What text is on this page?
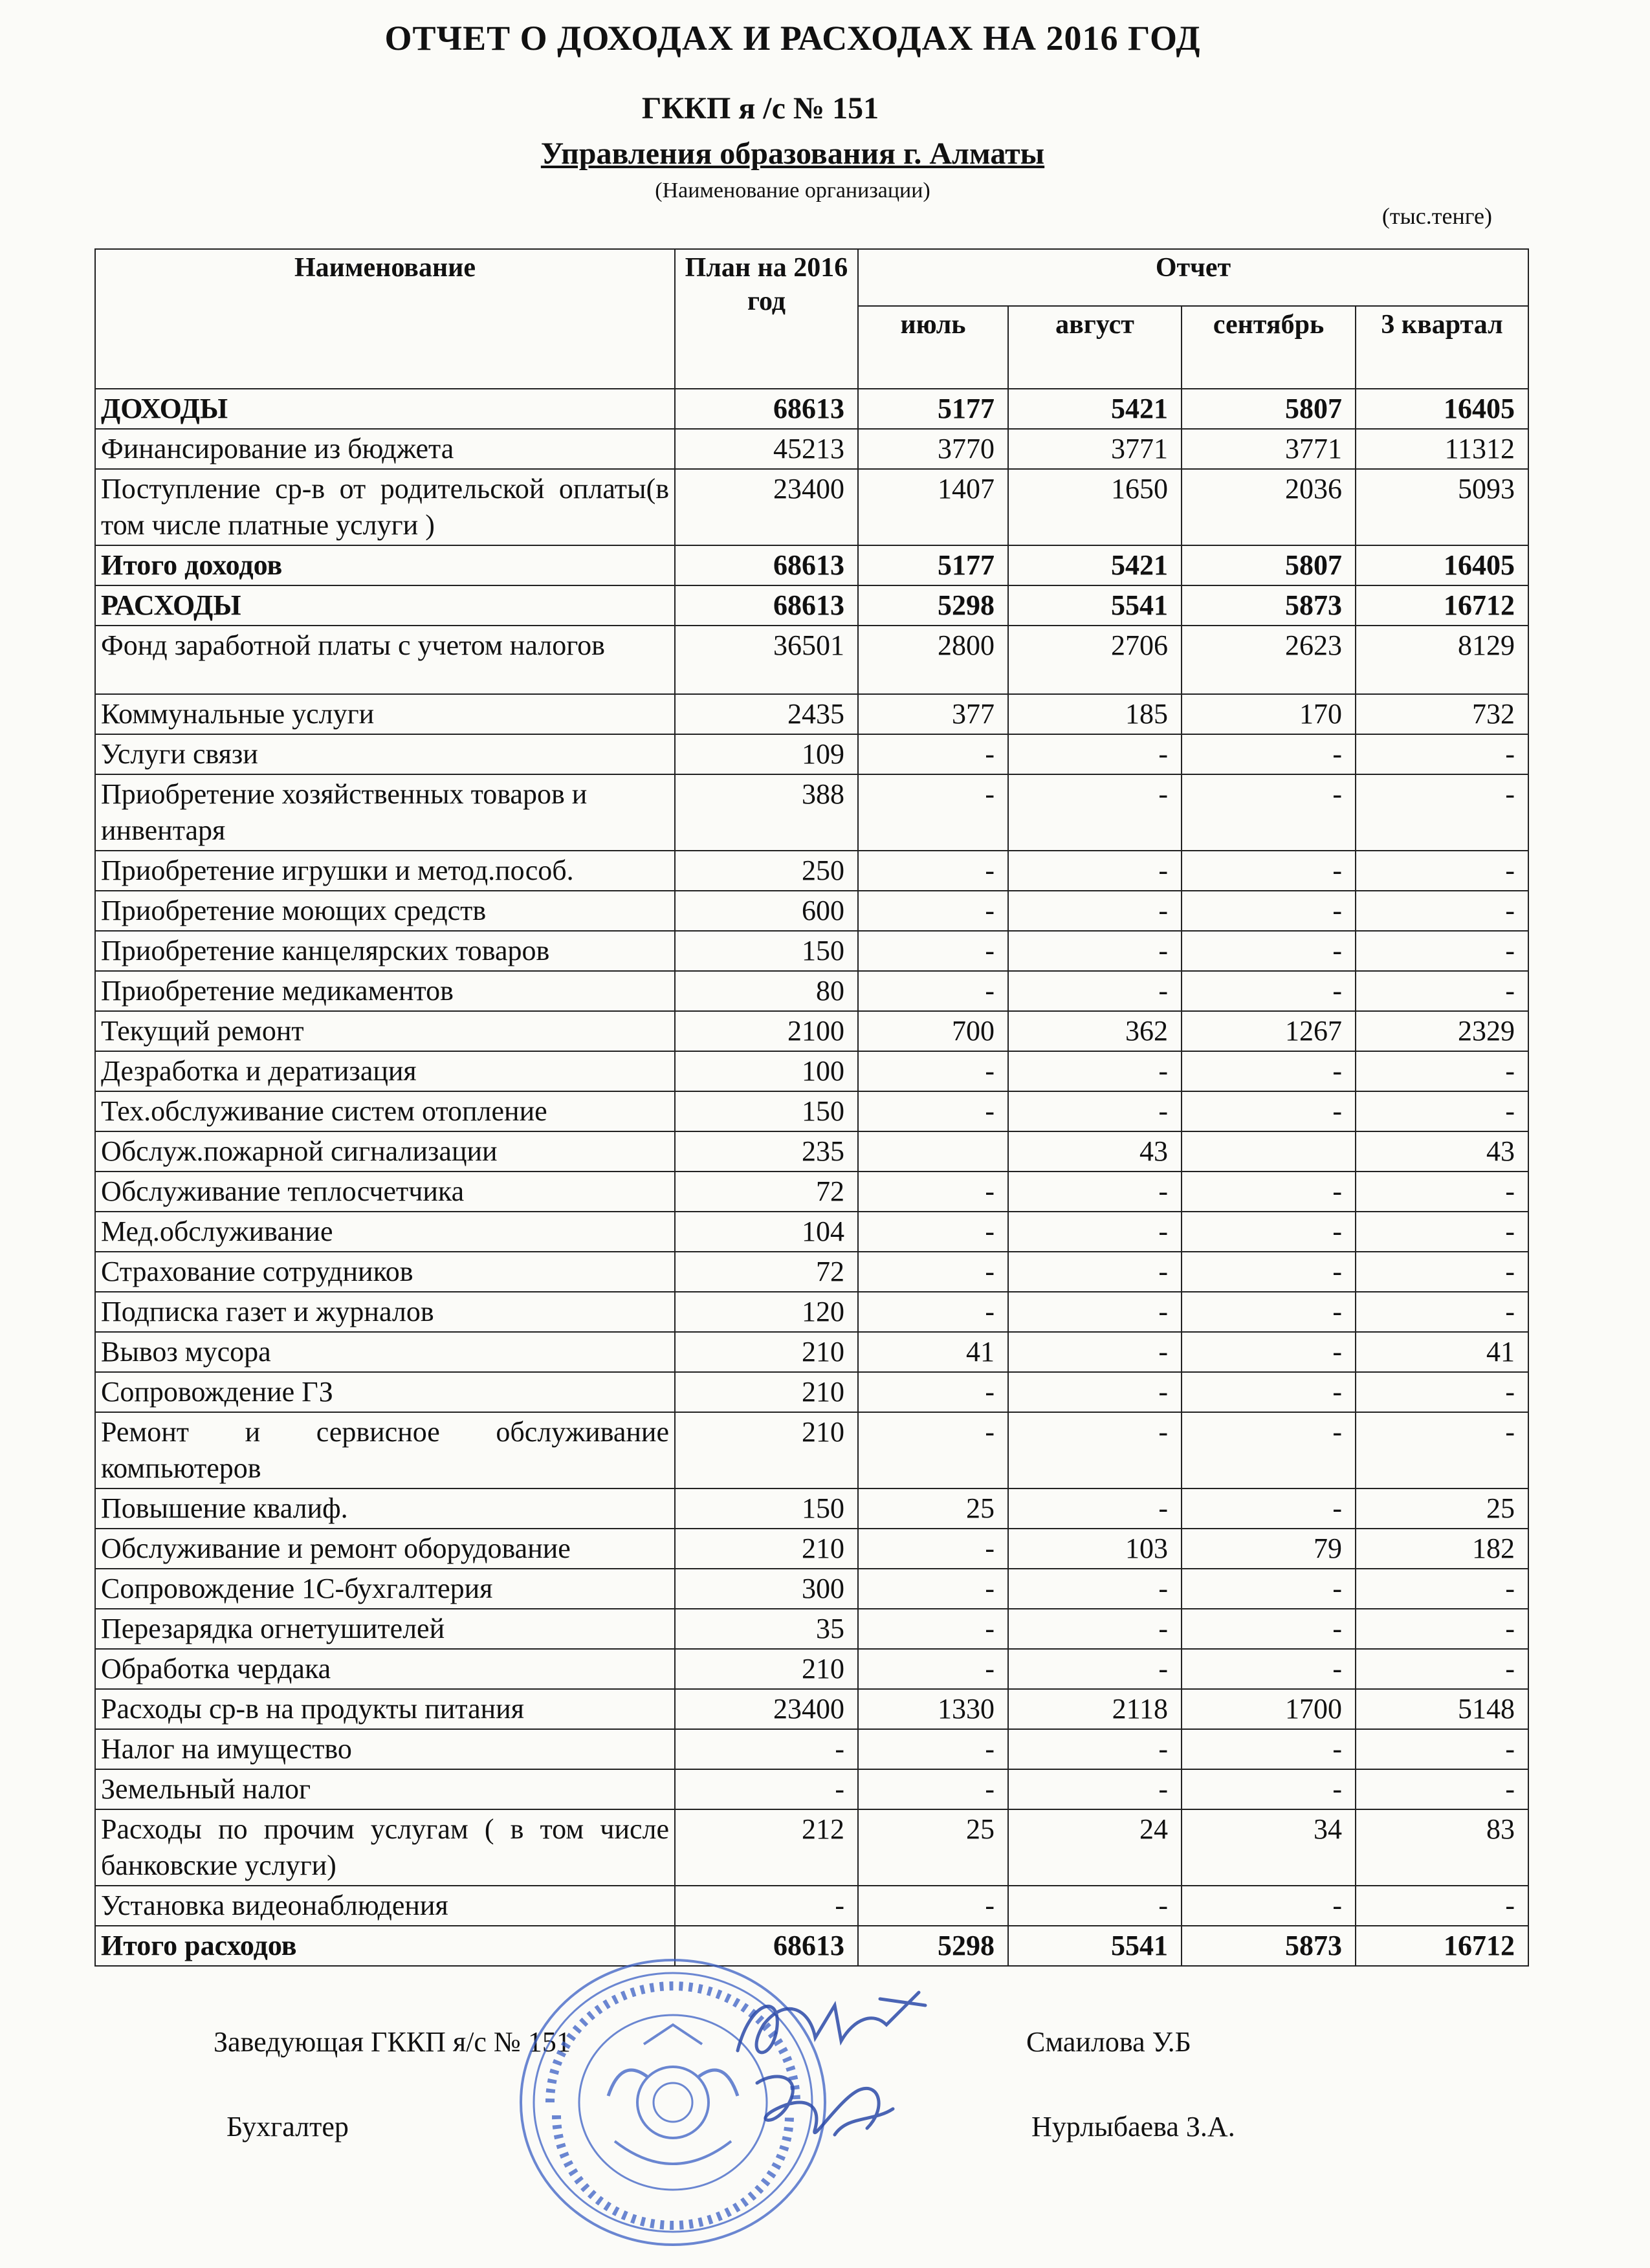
ОТЧЕТ О ДОХОДАХ И РАСХОДАХ НА 2016 ГОД
ГККП я /с № 151
Управления образования г. Алматы
(Наименование организации)
(тыс.тенге)
Наименование	План на 2016 год	Отчет			
		июль	август	сентябрь	3 квартал
ДОХОДЫ	68613	5177	5421	5807	16405
Финансирование из бюджета	45213	3770	3771	3771	11312
Поступление ср-в от родительской оплаты(в том числе платные услуги )	23400	1407	1650	2036	5093
Итого доходов	68613	5177	5421	5807	16405
РАСХОДЫ	68613	5298	5541	5873	16712
Фонд заработной платы с учетом налогов	36501	2800	2706	2623	8129
Коммунальные услуги	2435	377	185	170	732
Услуги связи	109	-	-	-	-
Приобретение хозяйственных товаров и инвентаря	388	-	-	-	-
Приобретение игрушки и метод.пособ.	250	-	-	-	-
Приобретение моющих средств	600	-	-	-	-
Приобретение канцелярских товаров	150	-	-	-	-
Приобретение медикаментов	80	-	-	-	-
Текущий ремонт	2100	700	362	1267	2329
Дезработка и дератизация	100	-	-	-	-
Тех.обслуживание систем отопление	150	-	-	-	-
Обслуж.пожарной сигнализации	235		43		43
Обслуживание теплосчетчика	72	-	-	-	-
Мед.обслуживание	104	-	-	-	-
Страхование сотрудников	72	-	-	-	-
Подписка газет и журналов	120	-	-	-	-
Вывоз мусора	210	41	-	-	41
Сопровождение ГЗ	210	-	-	-	-
Ремонт и сервисное обслуживание компьютеров	210	-	-	-	-
Повышение квалиф.	150	25	-	-	25
Обслуживание и ремонт оборудование	210	-	103	79	182
Сопровождение 1С-бухгалтерия	300	-	-	-	-
Перезарядка огнетушителей	35	-	-	-	-
Обработка чердака	210	-	-	-	-
Расходы ср-в на продукты питания	23400	1330	2118	1700	5148
Налог на имущество	-	-	-	-	-
Земельный налог	-	-	-	-	-
Расходы по прочим услугам ( в том числе банковские услуги)	212	25	24	34	83
Установка видеонаблюдения	-	-	-	-	-
Итого расходов	68613	5298	5541	5873	16712
Заведующая ГККП я/с № 151	Смаилова У.Б
Бухгалтер	Нурлыбаева З.А.
